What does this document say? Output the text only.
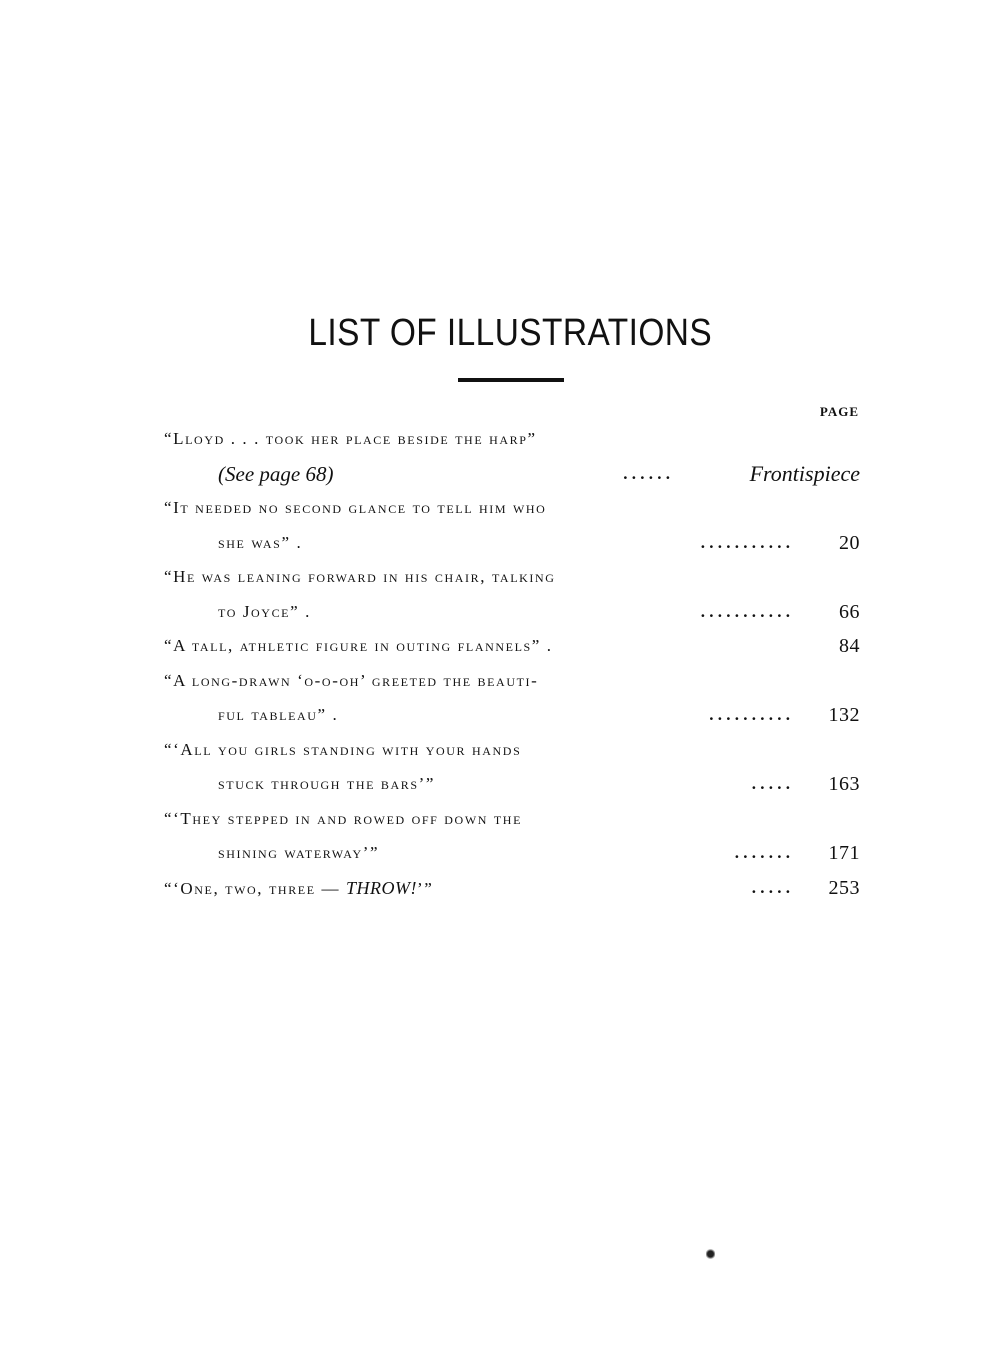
LIST OF ILLUSTRATIONS
PAGE
“Lloyd . . . took her place beside the harp”
(See page 68)	. . . . . .	Frontispiece
“It needed no second glance to tell him who
she was” .	. . . . . . . . . . . 20
“He was leaning forward in his chair, talking
to Joyce” .	. . . . . . . . . . . 66
“A tall, athletic figure in outing flannels” .	84
“A long-drawn ‘o-o-oh’ greeted the beauti-
ful tableau” .	. . . . . . . . . . 132
“‘All you girls standing with your hands
stuck through the bars’”	. . . . . 163
“‘They stepped in and rowed off down the
shining waterway’”	. . . . . . . 171
“‘One, two, three — THROW!’”	. . . . . 253
